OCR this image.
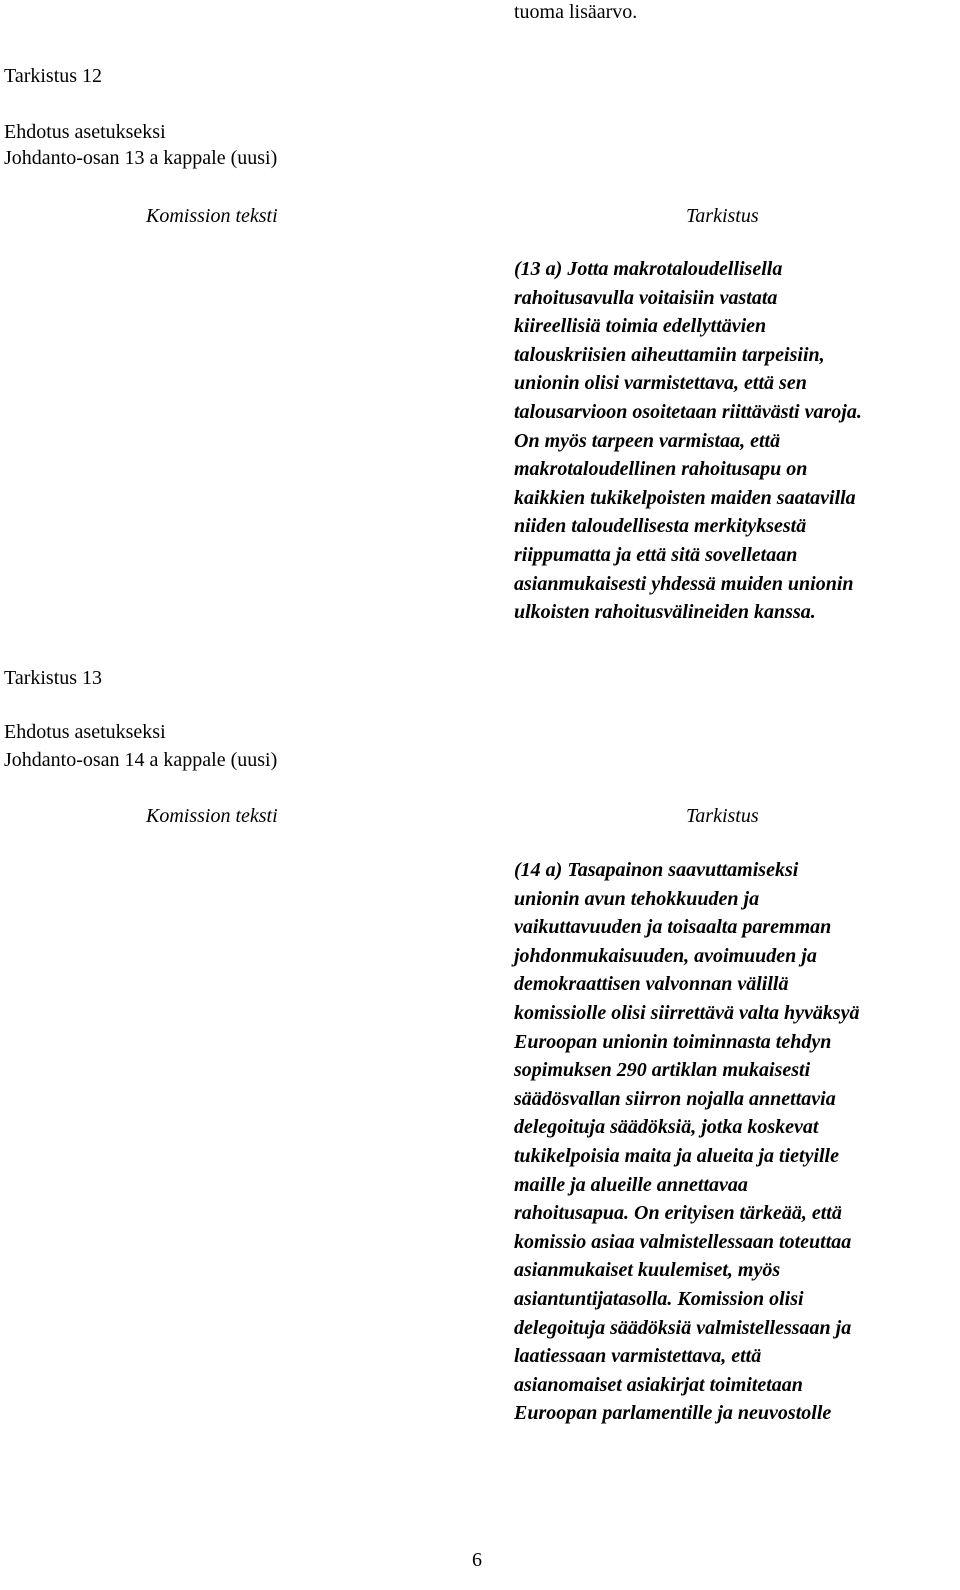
tuoma lisäarvo.
Tarkistus 12
Ehdotus asetukseksi
Johdanto-osan 13 a kappale (uusi)
Komission teksti	Tarkistus
(13 a) Jotta makrotaloudellisella
rahoitusavulla voitaisiin vastata
kiireellisiä toimia edellyttävien
talouskriisien aiheuttamiin tarpeisiin,
unionin olisi varmistettava, että sen
talousarvioon osoitetaan riittävästi varoja.
On myös tarpeen varmistaa, että
makrotaloudellinen rahoitusapu on
kaikkien tukikelpoisten maiden saatavilla
niiden taloudellisesta merkityksestä
riippumatta ja että sitä sovelletaan
asianmukaisesti yhdessä muiden unionin
ulkoisten rahoitusvälineiden kanssa.
Tarkistus 13
Ehdotus asetukseksi
Johdanto-osan 14 a kappale (uusi)
Komission teksti	Tarkistus
(14 a) Tasapainon saavuttamiseksi
unionin avun tehokkuuden ja
vaikuttavuuden ja toisaalta paremman
johdonmukaisuuden, avoimuuden ja
demokraattisen valvonnan välillä
komissiolle olisi siirrettävä valta hyväksyä
Euroopan unionin toiminnasta tehdyn
sopimuksen 290 artiklan mukaisesti
säädösvallan siirron nojalla annettavia
delegoituja säädöksiä, jotka koskevat
tukikelpoisia maita ja alueita ja tietyille
maille ja alueille annettavaa
rahoitusapua. On erityisen tärkeää, että
komissio asiaa valmistellessaan toteuttaa
asianmukaiset kuulemiset, myös
asiantuntijatasolla. Komission olisi
delegoituja säädöksiä valmistellessaan ja
laatiessaan varmistettava, että
asianomaiset asiakirjat toimitetaan
Euroopan parlamentille ja neuvostolle
6
